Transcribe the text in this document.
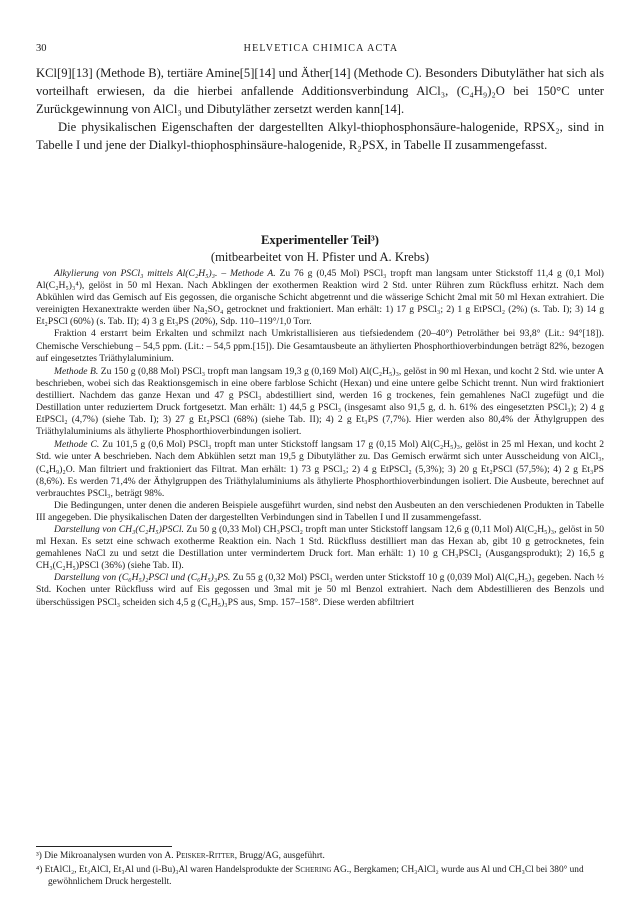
30	HELVETICA CHIMICA ACTA

KCl[9][13] (Methode B), tertiäre Amine[5][14] und Äther[14] (Methode C). Besonders Dibutyläther hat sich als vorteilhaft erwiesen, da die hierbei anfallende Additionsverbindung AlCl₃, (C₄H₉)₂O bei 150°C unter Zurückgewinnung von AlCl₃ und Dibutyläther zersetzt werden kann[14].

Die physikalischen Eigenschaften der dargestellten Alkyl-thiophosphonsäure-halogenide, RPSX₂, sind in Tabelle I und jene der Dialkyl-thiophosphinsäure-halogenide, R₂PSX, in Tabelle II zusammengefasst.

Experimenteller Teil³)
(mitbearbeitet von H. Pfister und A. Krebs)

Alkylierung von PSCl₃ mittels Al(C₂H₅)₃. – Methode A. Zu 76 g (0,45 Mol) PSCl₃ tropft man langsam unter Stickstoff 11,4 g (0,1 Mol) Al(C₂H₅)₃⁴), gelöst in 50 ml Hexan. Nach Abklingen der exothermen Reaktion wird 2 Std. unter Rühren zum Rückfluss erhitzt. Nach dem Abkühlen wird das Gemisch auf Eis gegossen, die organische Schicht abgetrennt und die wässerige Schicht 2mal mit 50 ml Hexan extrahiert. Die vereinigten Hexanextrakte werden über Na₂SO₄ getrocknet und fraktioniert. Man erhält: 1) 17 g PSCl₃; 2) 1 g EtPSCl₂ (2%) (s. Tab. I); 3) 14 g Et₂PSCl (60%) (s. Tab. II); 4) 3 g Et₃PS (20%), Sdp. 110–119°/1,0 Torr.

Fraktion 4 erstarrt beim Erkalten und schmilzt nach Umkristallisieren aus tiefsiedendem (20–40°) Petroläther bei 93,8° (Lit.: 94°[18]). Chemische Verschiebung – 54,5 ppm. (Lit.: – 54,5 ppm.[15]). Die Gesamtausbeute an äthylierten Phosphorthioverbindungen beträgt 82%, bezogen auf eingesetztes Triäthylaluminium.

Methode B. Zu 150 g (0,88 Mol) PSCl₃ tropft man langsam 19,3 g (0,169 Mol) Al(C₂H₅)₃, gelöst in 90 ml Hexan, und kocht 2 Std. wie unter A beschrieben, wobei sich das Reaktionsgemisch in eine obere farblose Schicht (Hexan) und eine untere gelbe Schicht trennt. Nun wird fraktioniert destilliert. Nachdem das ganze Hexan und 47 g PSCl₃ abdestilliert sind, werden 16 g trockenes, fein gemahlenes NaCl zugefügt und die Destillation unter reduziertem Druck fortgesetzt. Man erhält: 1) 44,5 g PSCl₃ (insgesamt also 91,5 g, d. h. 61% des eingesetzten PSCl₃); 2) 4 g EtPSCl₂ (4,7%) (siehe Tab. I); 3) 27 g Et₂PSCl (68%) (siehe Tab. II); 4) 2 g Et₃PS (7,7%). Hier werden also 80,4% der Äthylgruppen des Triäthylaluminiums als äthylierte Phosphorthioverbindungen isoliert.

Methode C. Zu 101,5 g (0,6 Mol) PSCl₃ tropft man unter Stickstoff langsam 17 g (0,15 Mol) Al(C₂H₅)₃, gelöst in 25 ml Hexan, und kocht 2 Std. wie unter A beschrieben. Nach dem Abkühlen setzt man 19,5 g Dibutyläther zu. Das Gemisch erwärmt sich unter Ausscheidung von AlCl₃, (C₄H₉)₂O. Man filtriert und fraktioniert das Filtrat. Man erhält: 1) 73 g PSCl₃; 2) 4 g EtPSCl₂ (5,3%); 3) 20 g Et₂PSCl (57,5%); 4) 2 g Et₃PS (8,6%). Es werden 71,4% der Äthylgruppen des Triäthylaluminiums als äthylierte Phosphorthioverbindungen isoliert. Die Ausbeute, berechnet auf verbrauchtes PSCl₃, beträgt 98%.

Die Bedingungen, unter denen die anderen Beispiele ausgeführt wurden, sind nebst den Ausbeuten an den verschiedenen Produkten in Tabelle III angegeben. Die physikalischen Daten der dargestellten Verbindungen sind in Tabellen I und II zusammengefasst.

Darstellung von CH₃(C₂H₅)PSCl. Zu 50 g (0,33 Mol) CH₃PSCl₂ tropft man unter Stickstoff langsam 12,6 g (0,11 Mol) Al(C₂H₅)₃, gelöst in 50 ml Hexan. Es setzt eine schwach exotherme Reaktion ein. Nach 1 Std. Rückfluss destilliert man das Hexan ab, gibt 10 g getrocknetes, fein gemahlenes NaCl zu und setzt die Destillation unter vermindertem Druck fort. Man erhält: 1) 10 g CH₃PSCl₂ (Ausgangsprodukt); 2) 16,5 g CH₃(C₂H₅)PSCl (36%) (siehe Tab. II).

Darstellung von (C₆H₅)₂PSCl und (C₆H₅)₃PS. Zu 55 g (0,32 Mol) PSCl₃ werden unter Stickstoff 10 g (0,039 Mol) Al(C₆H₅)₃ gegeben. Nach ½ Std. Kochen unter Rückfluss wird auf Eis gegossen und 3mal mit je 50 ml Benzol extrahiert. Nach dem Abdestillieren des Benzols und überschüssigen PSCl₃ scheiden sich 4,5 g (C₆H₅)₃PS aus, Smp. 157–158°. Diese werden abfiltriert

³) Die Mikroanalysen wurden von A. Peisker-Ritter, Brugg/AG, ausgeführt.
⁴) EtAlCl₂, Et₂AlCl, Et₃Al und (i-Bu)₃Al waren Handelsprodukte der Schering AG., Bergkamen; CH₃AlCl₂ wurde aus Al und CH₃Cl bei 380° und gewöhnlichem Druck hergestellt.
